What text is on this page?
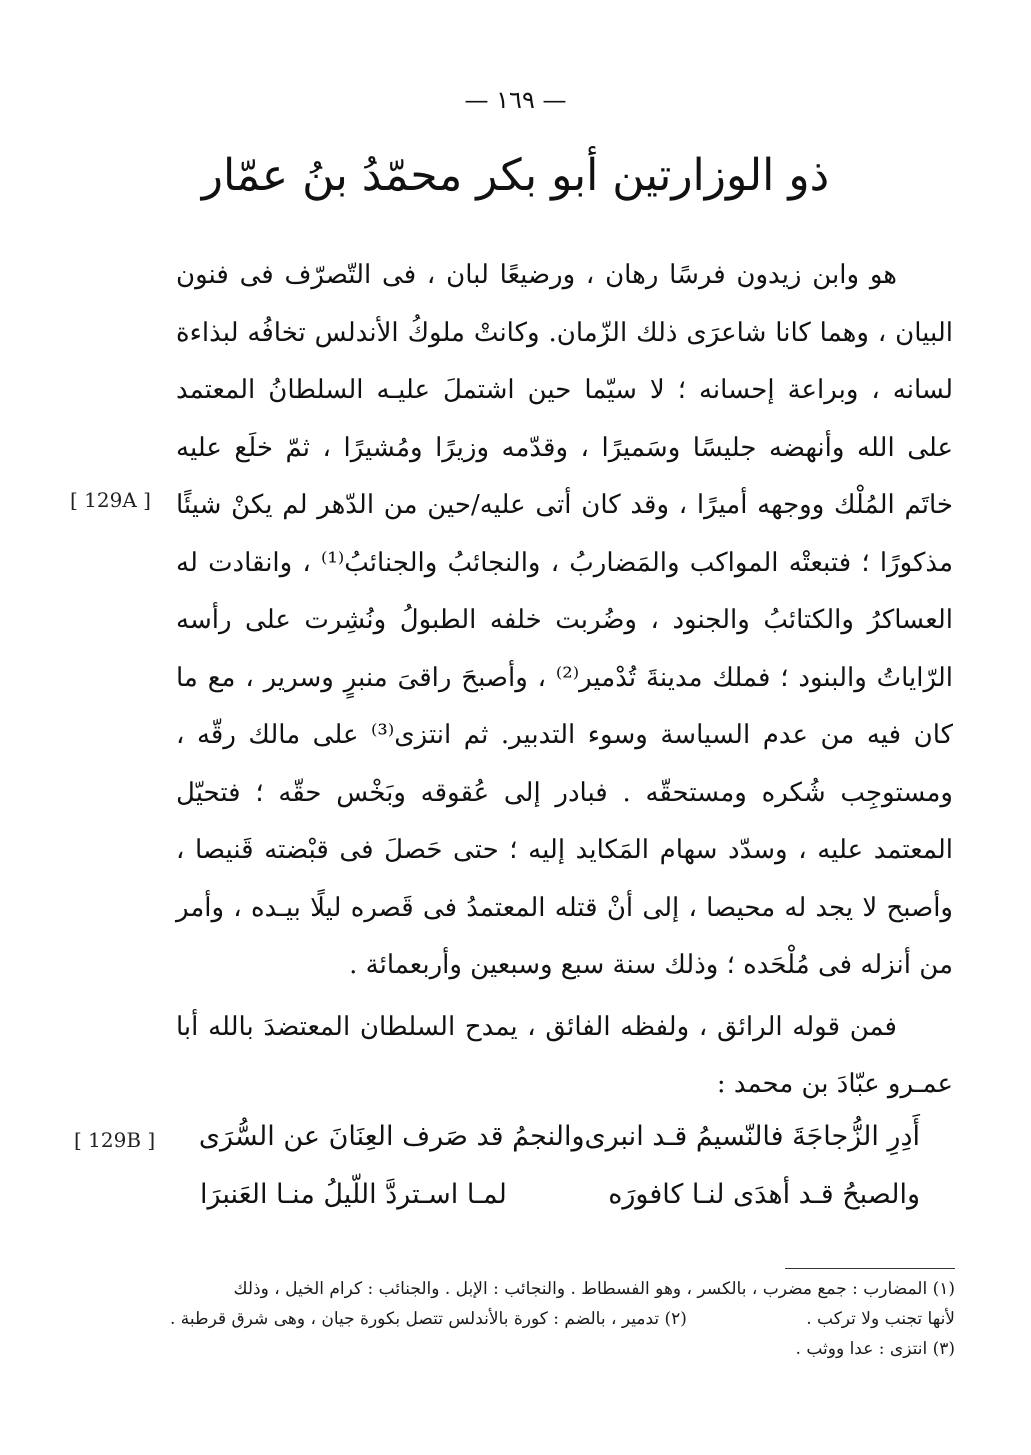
— ١٦٩ —
ذو الوزارتين أبو بكر محمّدُ بنُ عمّار
[ 129A ]

هو وابن زيدون فرسًا رهان ، ورضيعًا لبان ، فى التّصرّف فى فنون البيان ، وهما كانا شاعرَى ذلك الزّمان. وكانتْ ملوكُ الأندلس تخافُه لبذاءة لسانه ، وبراعة إحسانه ؛ لا سيّما حين اشتملَ عليـه السلطانُ المعتمد على الله وأنهضه جليسًا وسَميرًا ، وقدّمه وزيرًا ومُشيرًا ، ثمّ خلَع عليه خاتَم المُلْك ووجهه أميرًا ، وقد كان أتى عليه/حين من الدّهر لم يكنْ شيئًا مذكورًا ؛ فتبعتْه المواكب والمَضاربُ ، والنجائبُ والجنائبُ⁽¹⁾ ، وانقادت له العساكرُ والكتائبُ والجنود ، وضُربت خلفه الطبولُ ونُشِرت على رأسه الرّاياتُ والبنود ؛ فملك مدينةَ تُدْمير⁽²⁾ ، وأصبحَ راقىَ منبرٍ وسرير ، مع ما كان فيه من عدم السياسة وسوء التدبير. ثم انتزى⁽³⁾ على مالك رقّه ، ومستوجِب شُكره ومستحقّه . فبادر إلى عُقوقه وبَخْس حقّه ؛ فتحيّل المعتمد عليه ، وسدّد سهام المَكايد إليه ؛ حتى حَصلَ فى قبْضته قَنيصا ، وأصبح لا يجد له محيصا ، إلى أنْ قتله المعتمدُ فى قَصره ليلًا بيـده ، وأمر من أنزله فى مُلْحَده ؛ وذلك سنة سبع وسبعين وأربعمائة .

فمن قوله الرائق ، ولفظه الفائق ، يمدح السلطان المعتضدَ بالله أبا عمـرو عبّادَ بن محمد :

[ 129B ]	أَدِرِ الزُّجاجَةَ فالنّسيمُ قـد انبرى
والنجمُ قد صَرف العِنَانَ عن السُّرَى
والصبحُ قـد أهدَى لنـا كافورَه
لمـا اسـتردَّ اللّيلُ منـا العَنبرَا

(١) المضارب : جمع مضرب ، بالكسر ، وهو الفسطاط . والنجائب : الإبل . والجنائب : كرام الخيل ، وذلك

لأنها تجنب ولا تركب .
(٢) تدمير ، بالضم : كورة بالأندلس تتصل بكورة جيان ، وهى شرق قرطبة .

(٣) انتزى : عدا ووثب .
